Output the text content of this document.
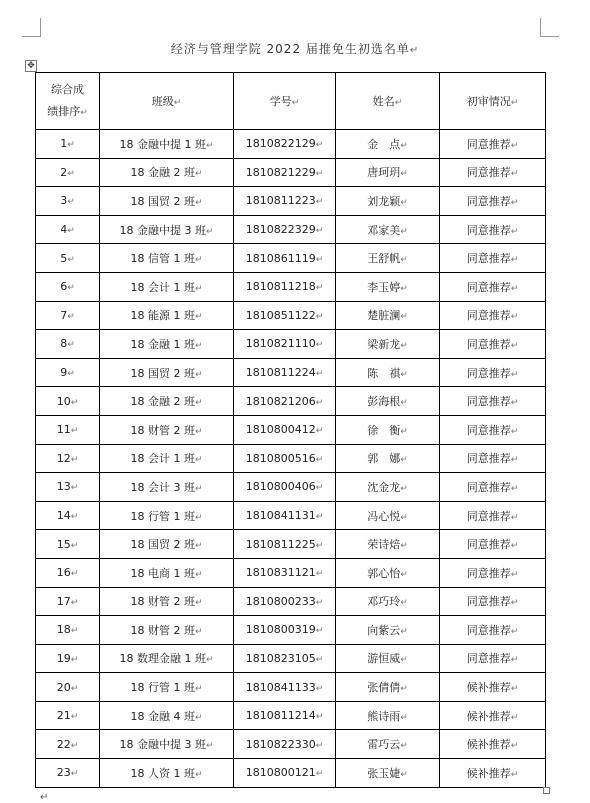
经济与管理学院 2022 届推免生初选名单↵
✥
综合成绩排序↵	班级↵	学号↵	姓名↵	初审情况↵
1↵	18 金融中提 1 班↵	1810822129↵	金　点↵	同意推荐↵
2↵	18 金融 2 班↵	1810821229↵	唐珂玥↵	同意推荐↵
3↵	18 国贸 2 班↵	1810811223↵	刘龙颖↵	同意推荐↵
4↵	18 金融中提 3 班↵	1810822329↵	邓家美↵	同意推荐↵
5↵	18 信管 1 班↵	1810861119↵	王舒帆↵	同意推荐↵
6↵	18 会计 1 班↵	1810811218↵	李玉婷↵	同意推荐↵
7↵	18 能源 1 班↵	1810851122↵	楚脏澜↵	同意推荐↵
8↵	18 金融 1 班↵	1810821110↵	梁新龙↵	同意推荐↵
9↵	18 国贸 2 班↵	1810811224↵	陈　祺↵	同意推荐↵
10↵	18 金融 2 班↵	1810821206↵	彭海根↵	同意推荐↵
11↵	18 财管 2 班↵	1810800412↵	徐　衡↵	同意推荐↵
12↵	18 会计 1 班↵	1810800516↵	郭　娜↵	同意推荐↵
13↵	18 会计 3 班↵	1810800406↵	沈金龙↵	同意推荐↵
14↵	18 行管 1 班↵	1810841131↵	冯心悦↵	同意推荐↵
15↵	18 国贸 2 班↵	1810811225↵	荣诗焙↵	同意推荐↵
16↵	18 电商 1 班↵	1810831121↵	郭心怡↵	同意推荐↵
17↵	18 财管 2 班↵	1810800233↵	邓巧玲↵	同意推荐↵
18↵	18 财管 2 班↵	1810800319↵	向紫云↵	同意推荐↵
19↵	18 数理金融 1 班↵	1810823105↵	游恒威↵	同意推荐↵
20↵	18 行管 1 班↵	1810841133↵	张倩倩↵	候补推荐↵
21↵	18 金融 4 班↵	1810811214↵	熊诗雨↵	候补推荐↵
22↵	18 金融中提 3 班↵	1810822330↵	雷巧云↵	候补推荐↵
23↵	18 人资 1 班↵	1810800121↵	张玉婕↵	候补推荐↵
↵
